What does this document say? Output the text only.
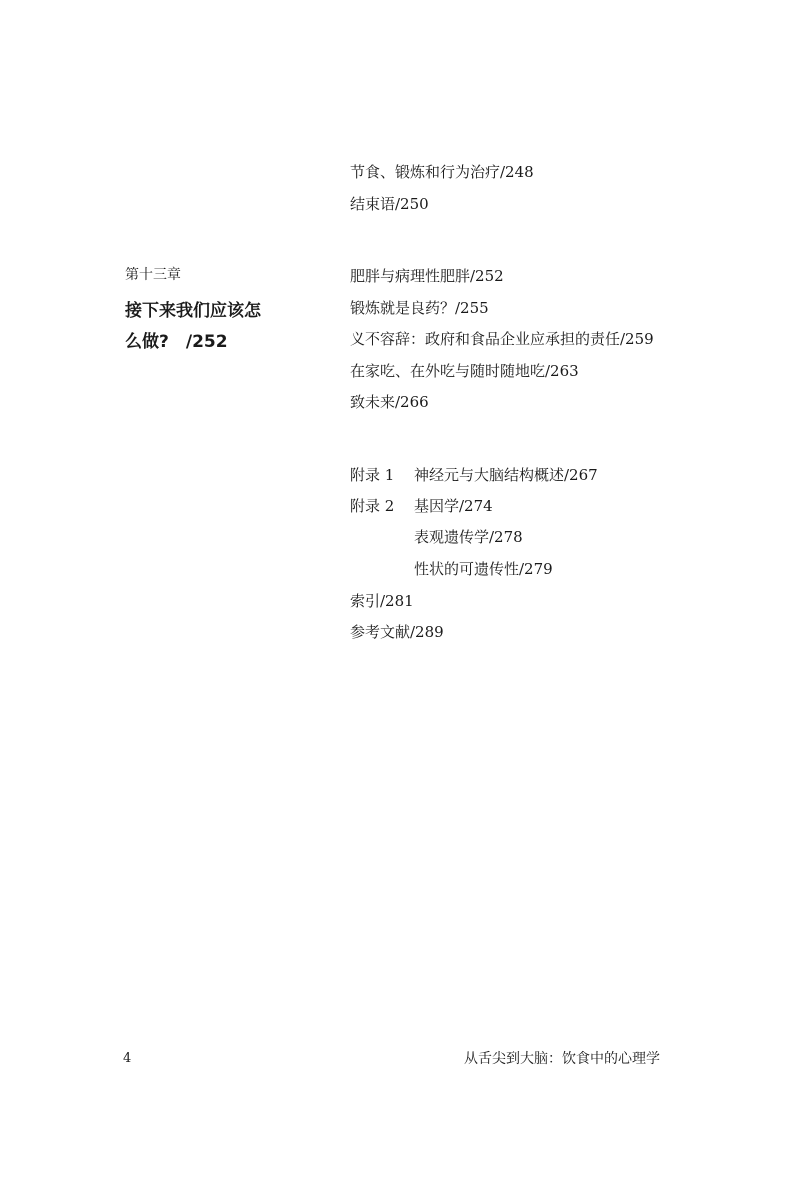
节食、锻炼和行为治疗/248
结束语/250
第十三章
接下来我们应该怎
么做?　/252
肥胖与病理性肥胖/252
锻炼就是良药？/255
义不容辞：政府和食品企业应承担的责任/259
在家吃、在外吃与随时随地吃/263
致未来/266
附录 1 神经元与大脑结构概述/267
附录 2 基因学/274
表观遗传学/278
性状的可遗传性/279
索引/281
参考文献/289
4	从舌尖到大脑：饮食中的心理学
